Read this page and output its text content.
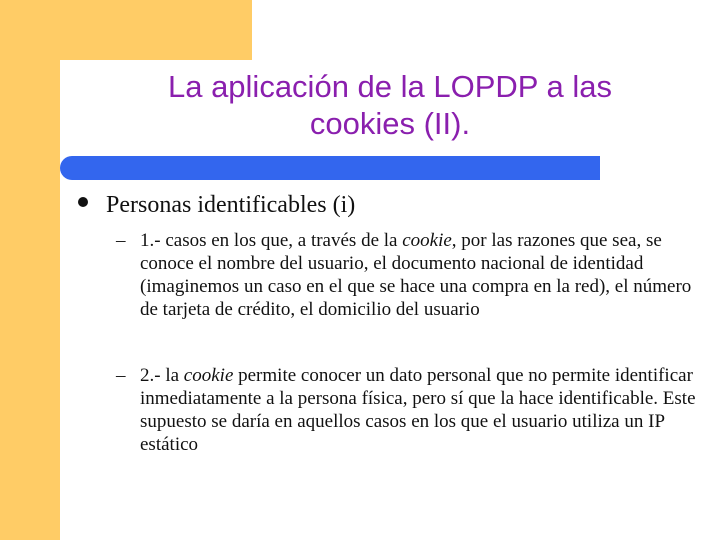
La aplicación de la LOPDP a las
cookies (II).
Personas identificables (i)
– 1.- casos en los que, a través de la cookie, por las razones que sea, se conoce el nombre del usuario, el documento nacional de identidad (imaginemos un caso en el que se hace una compra en la red), el número de tarjeta de crédito, el domicilio del usuario
– 2.- la cookie permite conocer un dato personal que no permite identificar inmediatamente a la persona física, pero sí que la hace identificable. Este supuesto se daría en aquellos casos en los que el usuario utiliza un IP estático
